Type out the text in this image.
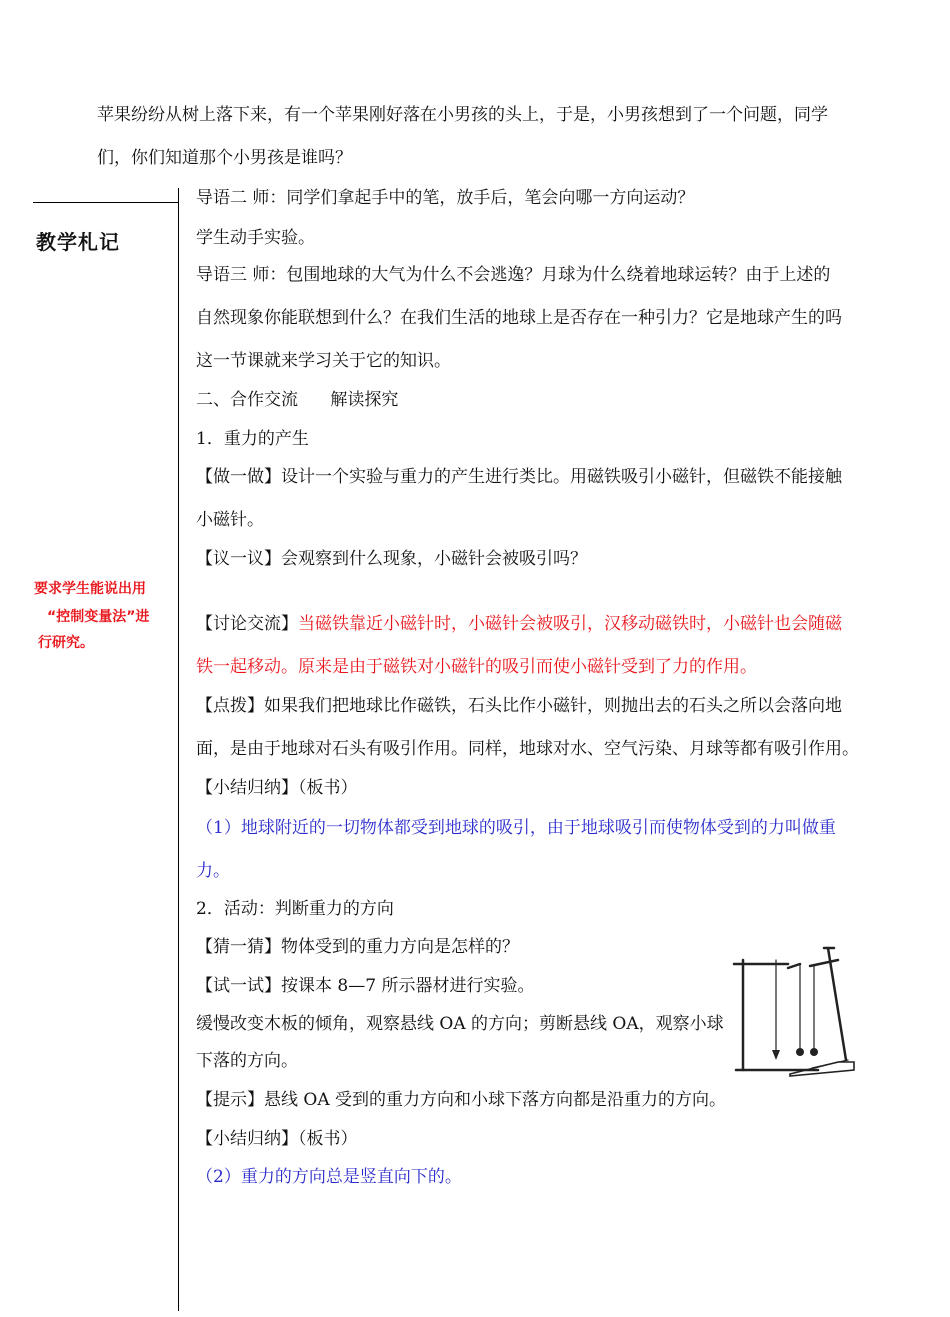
苹果纷纷从树上落下来，有一个苹果刚好落在小男孩的头上，于是，小男孩想到了一个问题，同学
们，你们知道那个小男孩是谁吗？
教学札记
要求学生能说出用
“控制变量法”进
行研究。
导语二 师：同学们拿起手中的笔，放手后，笔会向哪一方向运动？
学生动手实验。
导语三 师：包围地球的大气为什么不会逃逸？月球为什么绕着地球运转？由于上述的
自然现象你能联想到什么？在我们生活的地球上是否存在一种引力？它是地球产生的吗
这一节课就来学习关于它的知识。
二、合作交流      解读探究
1．重力的产生
【做一做】设计一个实验与重力的产生进行类比。用磁铁吸引小磁针，但磁铁不能接触
小磁针。
【议一议】会观察到什么现象，小磁针会被吸引吗？
【讨论交流】当磁铁靠近小磁针时，小磁针会被吸引，汉移动磁铁时，小磁针也会随磁
铁一起移动。原来是由于磁铁对小磁针的吸引而使小磁针受到了力的作用。
【点拨】如果我们把地球比作磁铁，石头比作小磁针，则抛出去的石头之所以会落向地
面，是由于地球对石头有吸引作用。同样，地球对水、空气污染、月球等都有吸引作用。
【小结归纳】（板书）
（1）地球附近的一切物体都受到地球的吸引，由于地球吸引而使物体受到的力叫做重
力。
2．活动：判断重力的方向
【猜一猜】物体受到的重力方向是怎样的？
【试一试】按课本 8—7 所示器材进行实验。
缓慢改变木板的倾角，观察悬线 OA 的方向；剪断悬线 OA，观察小球
下落的方向。
【提示】悬线 OA 受到的重力方向和小球下落方向都是沿重力的方向。
【小结归纳】（板书）
（2）重力的方向总是竖直向下的。
